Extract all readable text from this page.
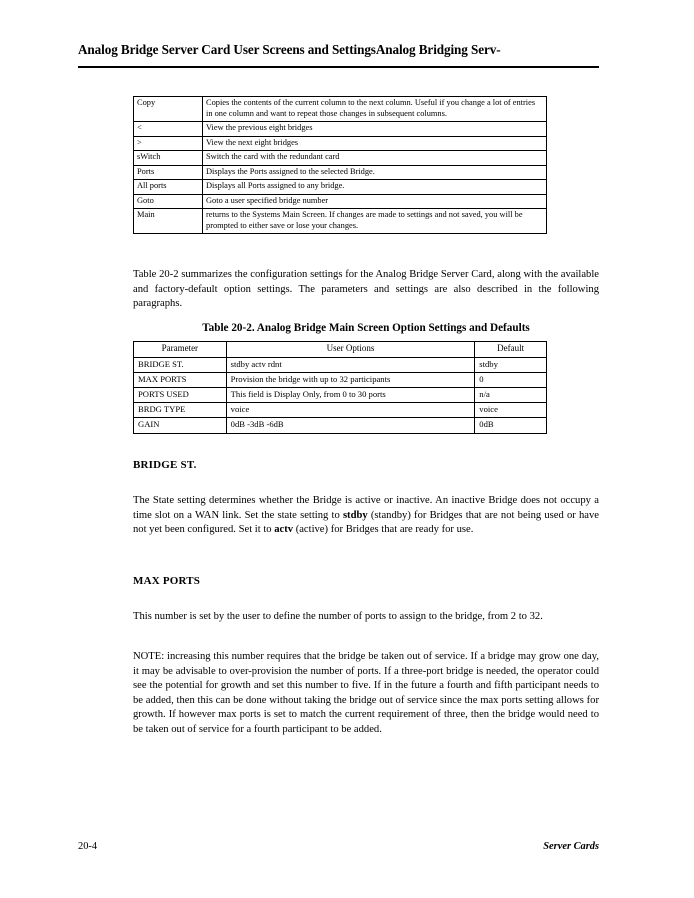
Analog Bridge Server Card User Screens and SettingsAnalog Bridging Serv-
Copy	Copies the contents of the current column to the next column. Useful if you change a lot of entries in one column and want to repeat those changes in subsequent columns.
<	View the previous eight bridges
>	View the next eight bridges
sWitch	Switch the card with the redundant card
Ports	Displays the Ports assigned to the selected Bridge.
All ports	Displays all Ports assigned to any bridge.
Goto	Goto a user specified bridge number
Main	returns to the Systems Main Screen. If changes are made to settings and not saved, you will be prompted to either save or lose your changes.
Table 20-2 summarizes the configuration settings for the Analog Bridge Server Card, along with the available and factory-default option settings. The parameters and settings are also described in the following paragraphs.
Table 20-2. Analog Bridge Main Screen Option Settings and Defaults
Parameter	User Options	Default
BRIDGE ST.	stdby actv rdnt	stdby
MAX PORTS	Provision the bridge with up to 32 participants	0
PORTS USED	This field is Display Only, from 0 to 30 ports	n/a
BRDG TYPE	voice	voice
GAIN	0dB -3dB -6dB	0dB
BRIDGE ST.
The State setting determines whether the Bridge is active or inactive. An inactive Bridge does not occupy a time slot on a WAN link. Set the state setting to stdby (standby) for Bridges that are not being used or have not yet been configured. Set it to actv (active) for Bridges that are ready for use.
MAX PORTS
This number is set by the user to define the number of ports to assign to the bridge, from 2 to 32.
NOTE: increasing this number requires that the bridge be taken out of service. If a bridge may grow one day, it may be advisable to over-provision the number of ports. If a three-port bridge is needed, the operator could see the potential for growth and set this number to five. If in the future a fourth and fifth participant needs to be added, then this can be done without taking the bridge out of service since the max ports setting allows for growth. If however max ports is set to match the current requirement of three, then the bridge would need to be taken out of service for a fourth participant to be added.
20-4	Server Cards
